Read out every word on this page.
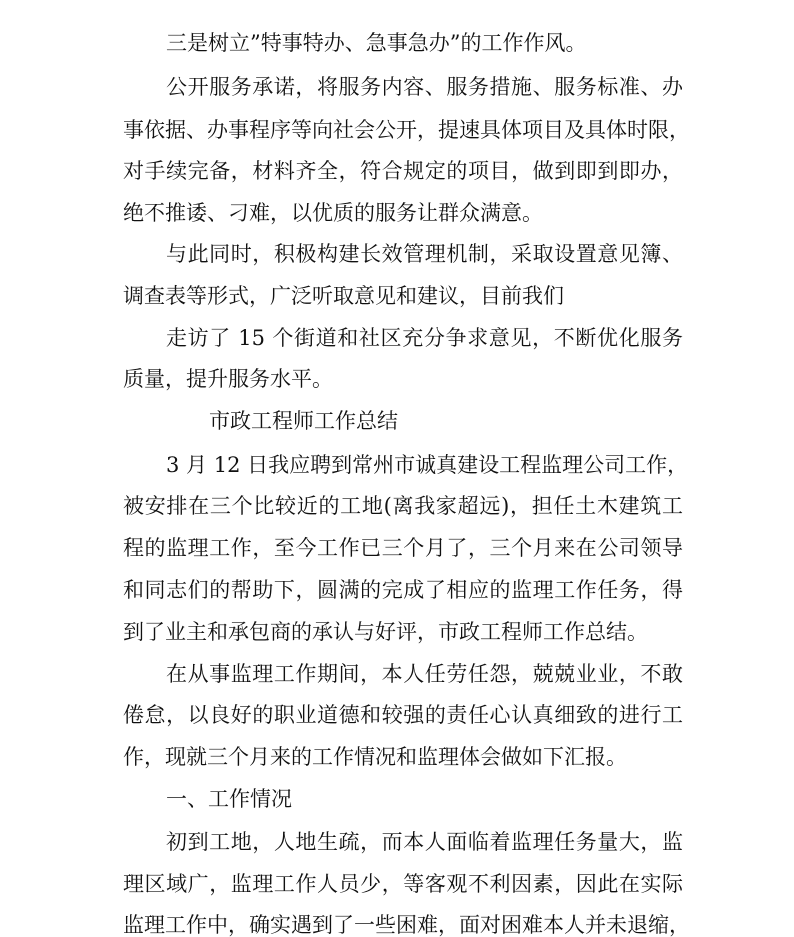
三是树立”特事特办、急事急办”的工作作风。

公开服务承诺，将服务内容、服务措施、服务标准、办

事依据、办事程序等向社会公开，提速具体项目及具体时限，

对手续完备，材料齐全，符合规定的项目，做到即到即办，

绝不推诿、刁难，以优质的服务让群众满意。

与此同时，积极构建长效管理机制，采取设置意见簿、

调查表等形式，广泛听取意见和建议，目前我们

走访了 15 个街道和社区充分争求意见，不断优化服务

质量，提升服务水平。

市政工程师工作总结

3 月 12 日我应聘到常州市诚真建设工程监理公司工作，

被安排在三个比较近的工地(离我家超远)，担任土木建筑工

程的监理工作，至今工作已三个月了，三个月来在公司领导

和同志们的帮助下，圆满的完成了相应的监理工作任务，得

到了业主和承包商的承认与好评，市政工程师工作总结。

在从事监理工作期间，本人任劳任怨，兢兢业业，不敢

倦怠，以良好的职业道德和较强的责任心认真细致的进行工

作，现就三个月来的工作情况和监理体会做如下汇报。

一、工作情况

初到工地，人地生疏，而本人面临着监理任务量大，监

理区域广，监理工作人员少，等客观不利因素，因此在实际

监理工作中，确实遇到了一些困难，面对困难本人并未退缩，
